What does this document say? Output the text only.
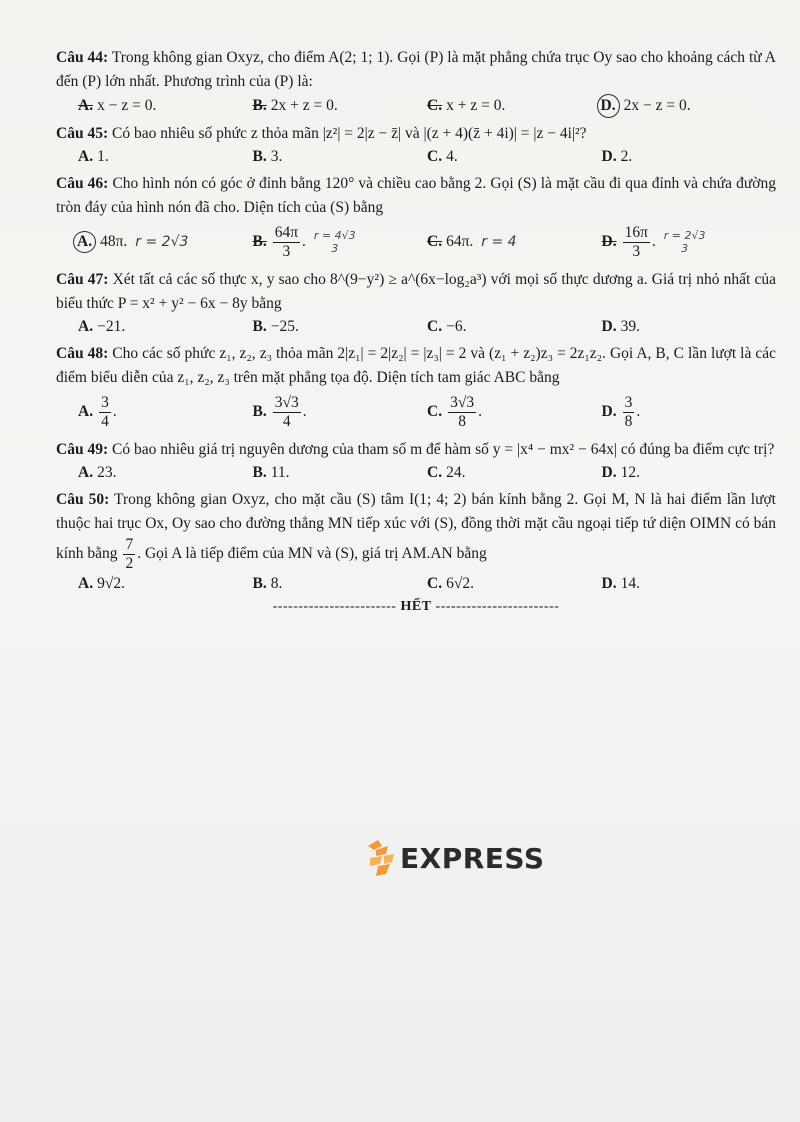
Câu 44: Trong không gian Oxyz, cho điểm A(2; 1; 1). Gọi (P) là mặt phẳng chứa trục Oy sao cho khoảng cách từ A đến (P) lớn nhất. Phương trình của (P) là:
A. x − z = 0.	B. 2x + z = 0.	C. x + z = 0.	D. 2x − z = 0.
Câu 45: Có bao nhiêu số phức z thỏa mãn |z²| = 2|z − z̄| và |(z + 4)(z̄ + 4i)| = |z − 4i|²?
A. 1.	B. 3.	C. 4.	D. 2.
Câu 46: Cho hình nón có góc ở đỉnh bằng 120° và chiều cao bằng 2. Gọi (S) là mặt cầu đi qua đỉnh và chứa đường tròn đáy của hình nón đã cho. Diện tích của (S) bằng
A. 48π. r = 2√3	B. $\frac{64\pi}{3}$ . r = 4√3
3	C. 64π. r = 4	D. $\frac{16\pi}{3}$ . r = 2√3
3
Câu 47: Xét tất cả các số thực x, y sao cho 8^(9−y²) ≥ a^(6x−log₂a³) với mọi số thực dương a. Giá trị nhỏ nhất của biểu thức P = x² + y² − 6x − 8y bằng
A. −21.	B. −25.	C. −6.	D. 39.
Câu 48: Cho các số phức z₁, z₂, z₃ thỏa mãn 2|z₁| = 2|z₂| = |z₃| = 2 và (z₁ + z₂)z₃ = 2z₁z₂. Gọi A, B, C lần lượt là các điểm biểu diễn của z₁, z₂, z₃ trên mặt phẳng tọa độ. Diện tích tam giác ABC bằng
A. $\frac{3}{4}$ .	B. $\frac{3√3}{4}$ .	C. $\frac{3√3}{8}$ .	D. $\frac{3}{8}$ .
Câu 49: Có bao nhiêu giá trị nguyên dương của tham số m để hàm số y = |x⁴ − mx² − 64x| có đúng ba điểm cực trị?
A. 23.	B. 11.	C. 24.	D. 12.
Câu 50: Trong không gian Oxyz, cho mặt cầu (S) tâm I(1; 4; 2) bán kính bằng 2. Gọi M, N là hai điểm lần lượt thuộc hai trục Ox, Oy sao cho đường thẳng MN tiếp xúc với (S), đồng thời mặt cầu ngoại tiếp tứ diện OIMN có bán kính bằng $\frac{7}{2}$ . Gọi A là tiếp điểm của MN và (S), giá trị AM.AN bằng
A. 9√2.	B. 8.	C. 6√2.	D. 14.
------------------------ HẾT ------------------------
EXPRESS
